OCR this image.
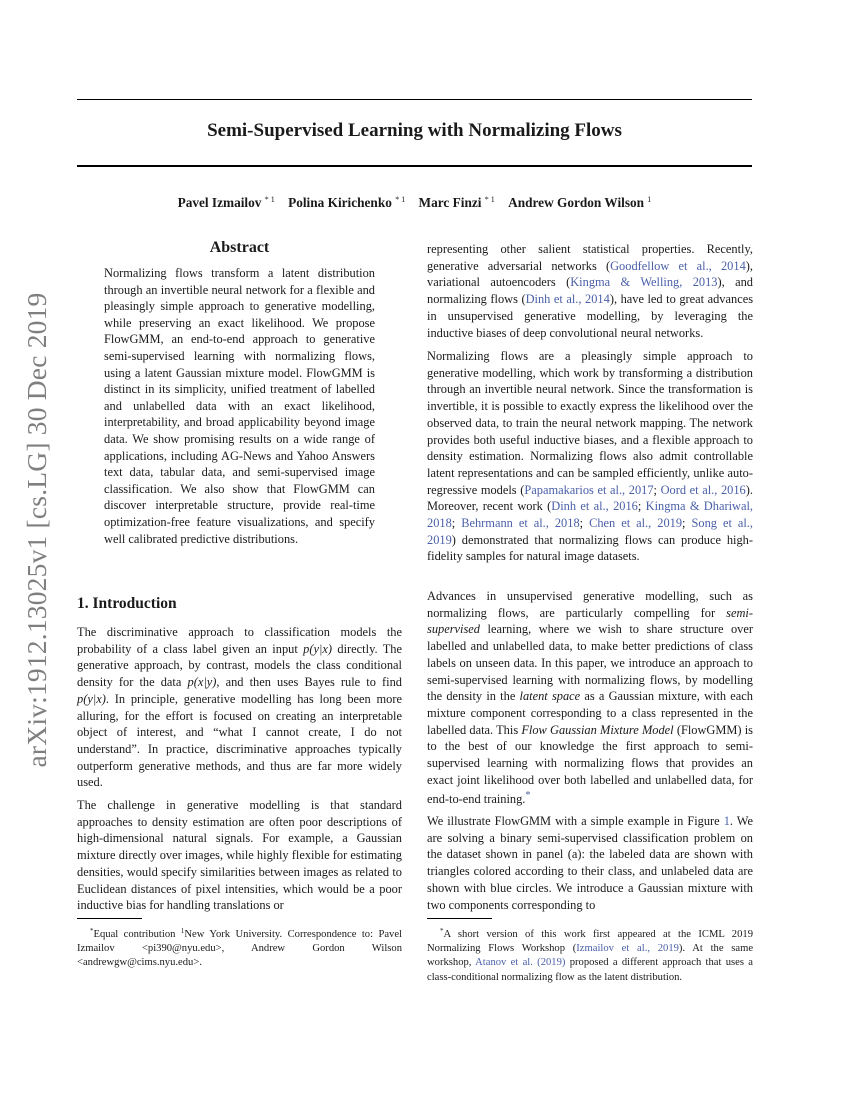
Semi-Supervised Learning with Normalizing Flows
Pavel Izmailov $^{* 1}$ Polina Kirichenko $^{* 1}$ Marc Finzi $^{* 1}$ Andrew Gordon Wilson $^1$
arXiv:1912.13025v1 [cs.LG] 30 Dec 2019
Abstract

Normalizing flows transform a latent distribution through an invertible neural network for a flexible and pleasingly simple approach to generative modelling, while preserving an exact likelihood. We propose FlowGMM, an end-to-end approach to generative semi-supervised learning with normalizing flows, using a latent Gaussian mixture model. FlowGMM is distinct in its simplicity, unified treatment of labelled and unlabelled data with an exact likelihood, interpretability, and broad applicability beyond image data. We show promising results on a wide range of applications, including AG-News and Yahoo Answers text data, tabular data, and semi-supervised image classification. We also show that FlowGMM can discover interpretable structure, provide real-time optimization-free feature visualizations, and specify well calibrated predictive distributions.

1. Introduction

The discriminative approach to classification models the probability of a class label given an input p(y|x) directly. The generative approach, by contrast, models the class conditional density for the data p(x|y), and then uses Bayes rule to find p(y|x). In principle, generative modelling has long been more alluring, for the effort is focused on creating an interpretable object of interest, and “what I cannot create, I do not understand”. In practice, discriminative approaches typically outperform generative methods, and thus are far more widely used.

The challenge in generative modelling is that standard approaches to density estimation are often poor descriptions of high-dimensional natural signals. For example, a Gaussian mixture directly over images, while highly flexible for estimating densities, would specify similarities between images as related to Euclidean distances of pixel intensities, which would be a poor inductive bias for handling translations or

representing other salient statistical properties. Recently, generative adversarial networks (Goodfellow et al., 2014), variational autoencoders (Kingma & Welling, 2013), and normalizing flows (Dinh et al., 2014), have led to great advances in unsupervised generative modelling, by leveraging the inductive biases of deep convolutional neural networks.

Normalizing flows are a pleasingly simple approach to generative modelling, which work by transforming a distribution through an invertible neural network. Since the transformation is invertible, it is possible to exactly express the likelihood over the observed data, to train the neural network mapping. The network provides both useful inductive biases, and a flexible approach to density estimation. Normalizing flows also admit controllable latent representations and can be sampled efficiently, unlike auto-regressive models (Papamakarios et al., 2017; Oord et al., 2016). Moreover, recent work (Dinh et al., 2016; Kingma & Dhariwal, 2018; Behrmann et al., 2018; Chen et al., 2019; Song et al., 2019) demonstrated that normalizing flows can produce high-fidelity samples for natural image datasets.

Advances in unsupervised generative modelling, such as normalizing flows, are particularly compelling for semi-supervised learning, where we wish to share structure over labelled and unlabelled data, to make better predictions of class labels on unseen data. In this paper, we introduce an approach to semi-supervised learning with normalizing flows, by modelling the density in the latent space as a Gaussian mixture, with each mixture component corresponding to a class represented in the labelled data. This Flow Gaussian Mixture Model (FlowGMM) is to the best of our knowledge the first approach to semi-supervised learning with normalizing flows that provides an exact joint likelihood over both labelled and unlabelled data, for end-to-end training.*

We illustrate FlowGMM with a simple example in Figure 1. We are solving a binary semi-supervised classification problem on the dataset shown in panel (a): the labeled data are shown with triangles colored according to their class, and unlabeled data are shown with blue circles. We introduce a Gaussian mixture with two components corresponding to

*Equal contribution $^1$New York University. Correspondence to: Pavel Izmailov <pi390@nyu.edu>, Andrew Gordon Wilson <andrewgw@cims.nyu.edu>.

*A short version of this work first appeared at the ICML 2019 Normalizing Flows Workshop (Izmailov et al., 2019). At the same workshop, Atanov et al. (2019) proposed a different approach that uses a class-conditional normalizing flow as the latent distribution.
